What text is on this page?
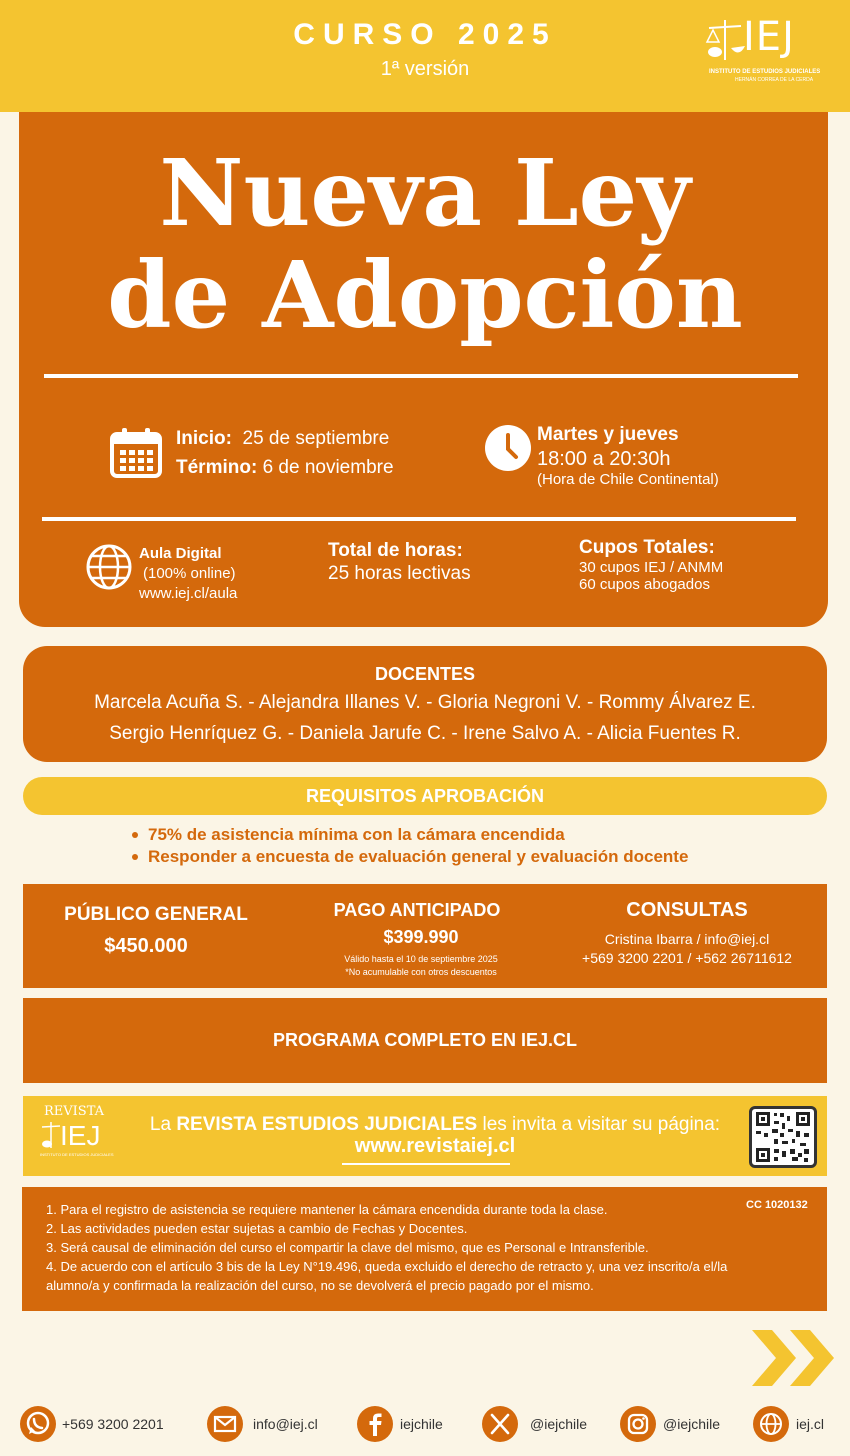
CURSO 2025
1ª versión
IEJ
INSTITUTO DE ESTUDIOS JUDICIALES
HERNÁN CORREA DE LA CERDA
Nueva Ley
de Adopción
Inicio: 25 de septiembre
Término: 6 de noviembre
Martes y jueves
18:00 a 20:30h
(Hora de Chile Continental)
Aula Digital
(100% online)
www.iej.cl/aula
Total de horas:
25 horas lectivas
Cupos Totales:
30 cupos IEJ / ANMM
60 cupos abogados
DOCENTES
Marcela Acuña S. - Alejandra Illanes V. - Gloria Negroni V. - Rommy Álvarez E.
Sergio Henríquez G. - Daniela Jarufe C. - Irene Salvo A. - Alicia Fuentes R.
REQUISITOS APROBACIÓN
75% de asistencia mínima con la cámara encendida
Responder a encuesta de evaluación general y evaluación docente
PÚBLICO GENERAL
$450.000
PAGO ANTICIPADO
$399.990
Válido hasta el 10 de septiembre 2025
*No acumulable con otros descuentos
CONSULTAS
Cristina Ibarra / info@iej.cl
+569 3200 2201 / +562 26711612
PROGRAMA COMPLETO EN IEJ.CL
REVISTA
IEJ
INSTITUTO DE ESTUDIOS JUDICIALES
La REVISTA ESTUDIOS JUDICIALES les invita a visitar su página:
www.revistaiej.cl
CC 1020132
1. Para el registro de asistencia se requiere mantener la cámara encendida durante toda la clase.
2. Las actividades pueden estar sujetas a cambio de Fechas y Docentes.
3. Será causal de eliminación del curso el compartir la clave del mismo, que es Personal e Intransferible.
4. De acuerdo con el artículo 3 bis de la Ley N°19.496, queda excluido el derecho de retracto y, una vez inscrito/a el/la
alumno/a y confirmada la realización del curso, no se devolverá el precio pagado por el mismo.
+569 3200 2201	info@iej.cl	iejchile	@iejchile	@iejchile	iej.cl
